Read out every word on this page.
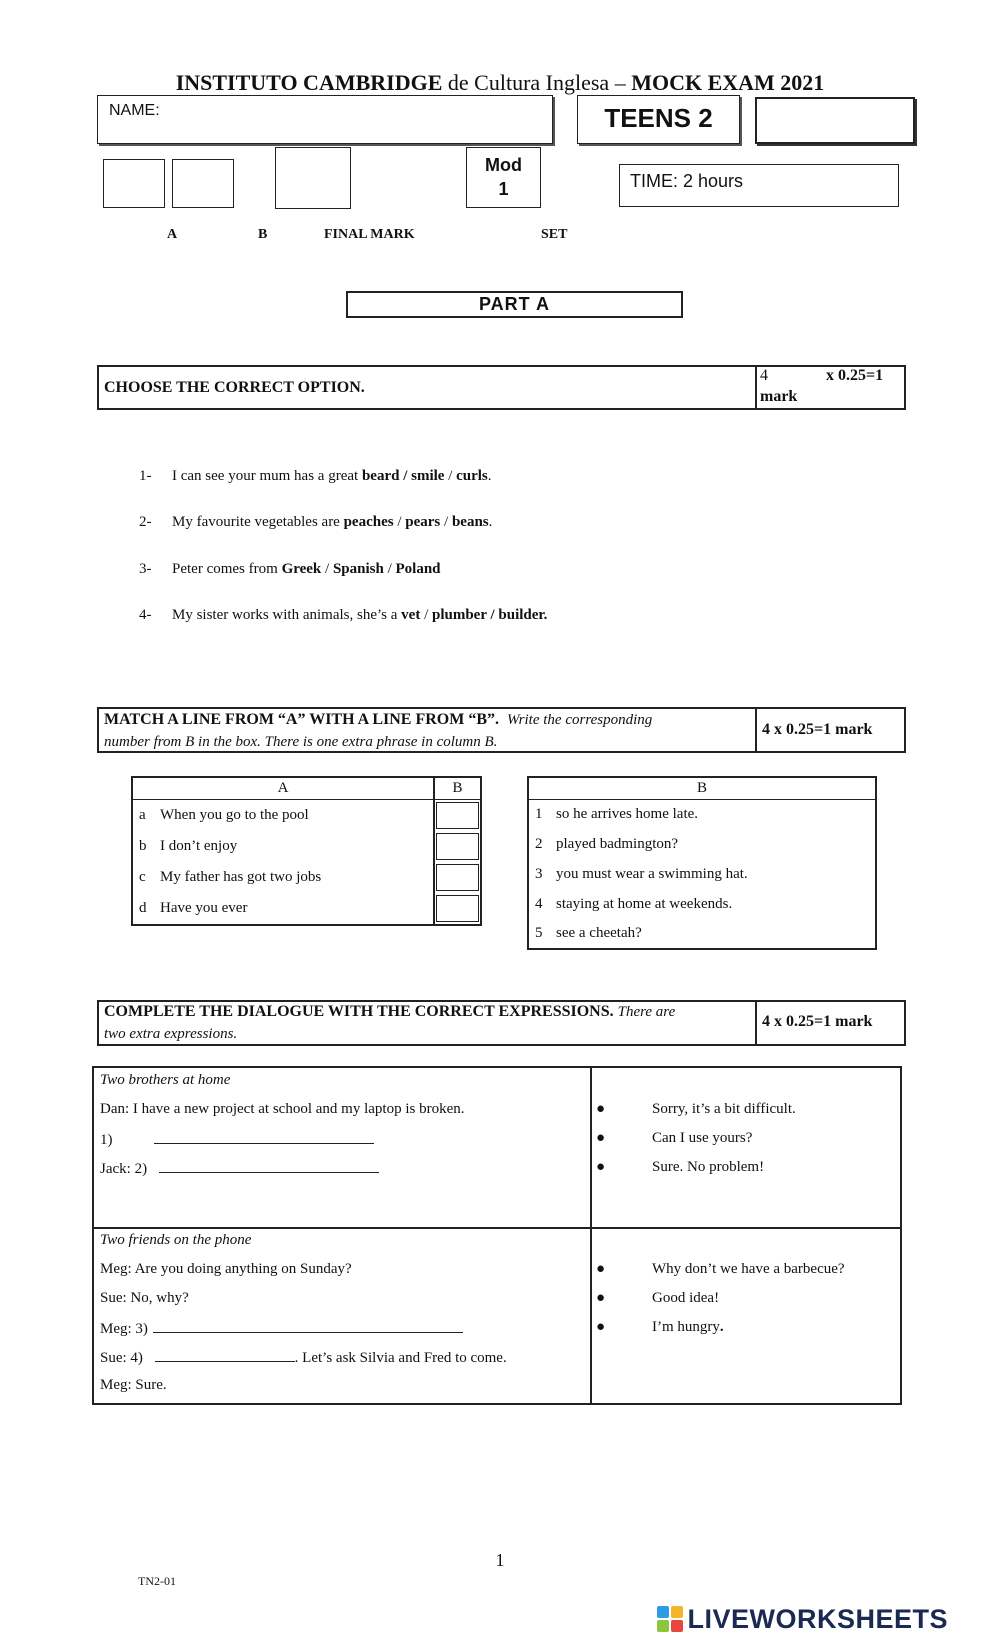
INSTITUTO CAMBRIDGE de Cultura Inglesa – MOCK EXAM 2021
NAME:	TEENS 2
Mod
1	TIME: 2 hours
A	B	FINAL MARK	SET
PART A
CHOOSE THE CORRECT OPTION.
4	x 0.25=1
mark
1- I can see your mum has a great beard / smile / curls.
2- My favourite vegetables are peaches / pears / beans.
3- Peter comes from Greek / Spanish / Poland
4- My sister works with animals, she’s a vet / plumber / builder.
MATCH A LINE FROM “A” WITH A LINE FROM “B”. Write the corresponding
number from B in the box. There is one extra phrase in column B.
4 x 0.25=1 mark
A		B
a	When you go to the pool	

b	I don’t enjoy	

c	My father has got two jobs	

d	Have you ever	
B	
1	so he arrives home late.
2	played badmington?
3	you must wear a swimming hat.
4	staying at home at weekends.
5	see a cheetah?
COMPLETE THE DIALOGUE WITH THE CORRECT EXPRESSIONS. There are
two extra expressions.
4 x 0.25=1 mark
Two brothers at home
Dan: I have a new project at school and my laptop is broken.
1)
Jack: 2)
●	Sorry, it’s a bit difficult.
●	Can I use yours?
●	Sure. No problem!
Two friends on the phone
Meg: Are you doing anything on Sunday?
Sue: No, why?
Meg: 3)
Sue: 4)	. Let’s ask Silvia and Fred to come.
Meg: Sure.
●	Why don’t we have a barbecue?
●	Good idea!
●	I’m hungry.
1
TN2-01
LIVEWORKSHEETS
